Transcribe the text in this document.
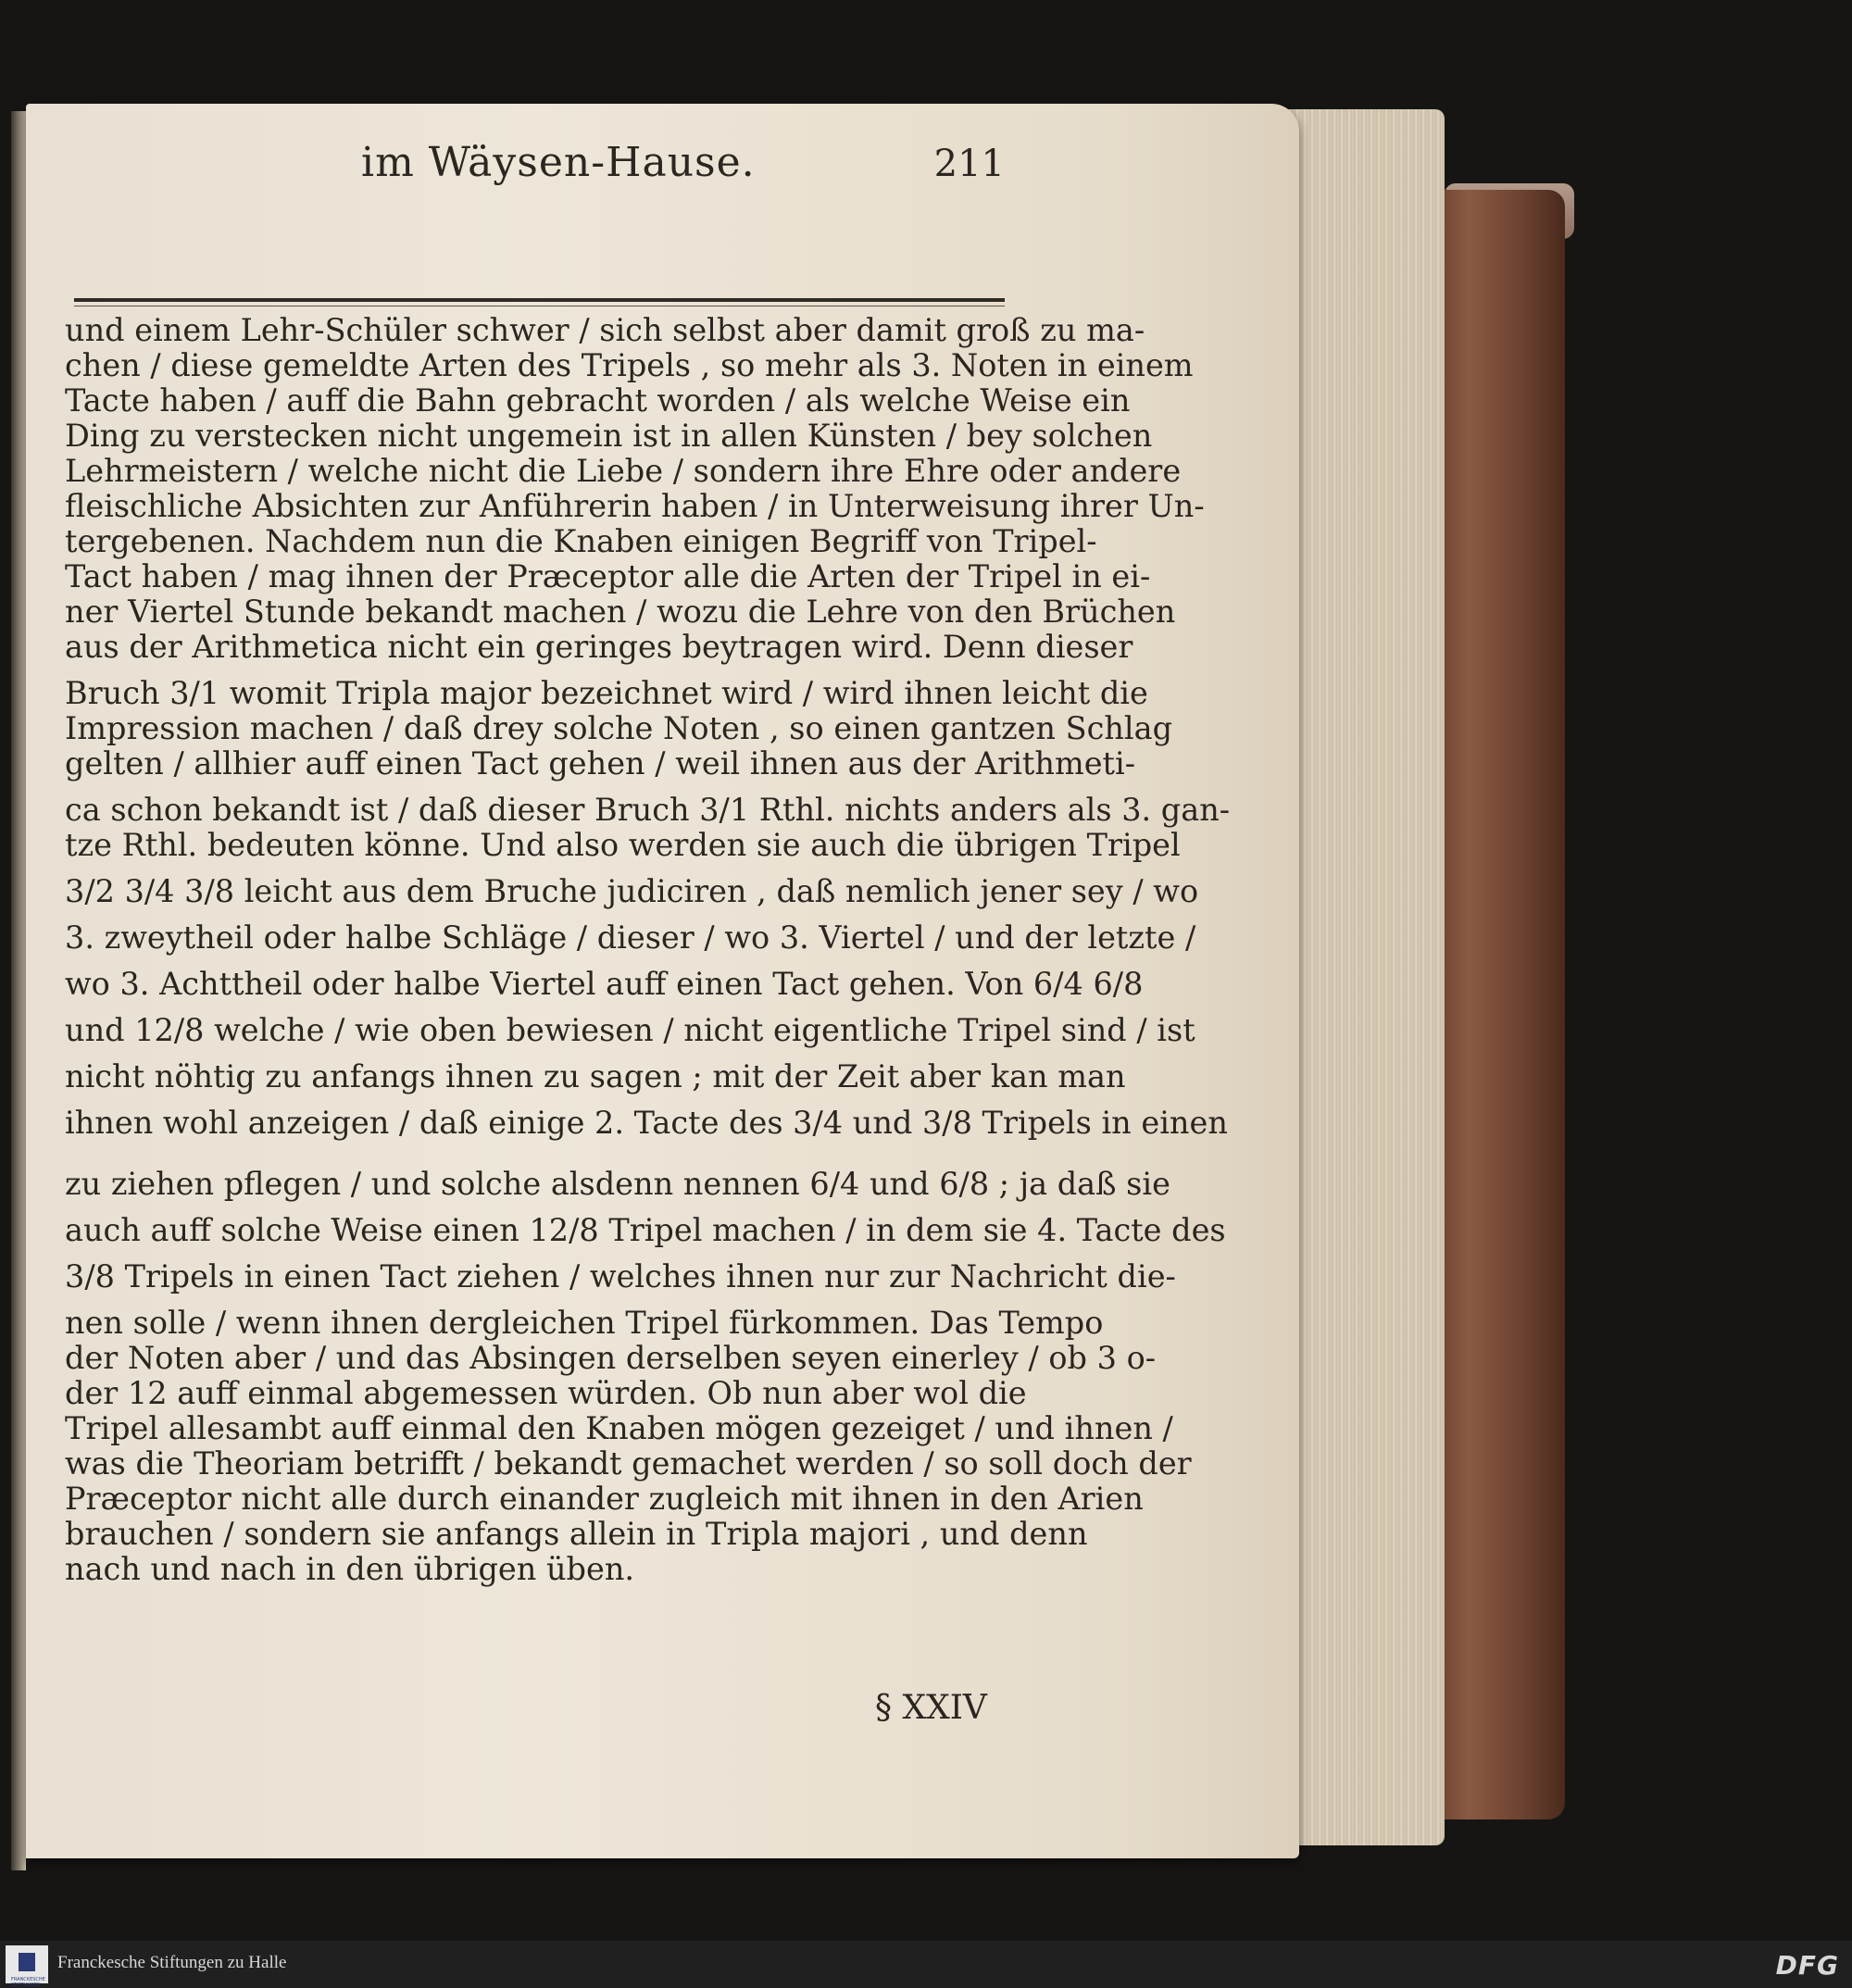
im Wäysen-Hause.	211
und einem Lehr-Schüler schwer / sich selbst aber damit groß zu ma-
chen / diese gemeldte Arten des Tripels , so mehr als 3. Noten in einem
Tacte haben / auff die Bahn gebracht worden / als welche Weise ein
Ding zu verstecken nicht ungemein ist in allen Künsten / bey solchen
Lehrmeistern / welche nicht die Liebe / sondern ihre Ehre oder andere
fleischliche Absichten zur Anführerin haben / in Unterweisung ihrer Un-
tergebenen. Nachdem nun die Knaben einigen Begriff von Tripel-
Tact haben / mag ihnen der Præceptor alle die Arten der Tripel in ei-
ner Viertel Stunde bekandt machen / wozu die Lehre von den Brüchen
aus der Arithmetica nicht ein geringes beytragen wird. Denn dieser
Bruch 3/1 womit Tripla major bezeichnet wird / wird ihnen leicht die
Impression machen / daß drey solche Noten , so einen gantzen Schlag
gelten / allhier auff einen Tact gehen / weil ihnen aus der Arithmeti-
ca schon bekandt ist / daß dieser Bruch 3/1 Rthl. nichts anders als 3. gan-
tze Rthl. bedeuten könne. Und also werden sie auch die übrigen Tripel
3/2 3/4 3/8 leicht aus dem Bruche judiciren , daß nemlich jener sey / wo
3. zweytheil oder halbe Schläge / dieser / wo 3. Viertel / und der letzte /
wo 3. Achttheil oder halbe Viertel auff einen Tact gehen. Von 6/4 6/8
und 12/8 welche / wie oben bewiesen / nicht eigentliche Tripel sind / ist
nicht nöhtig zu anfangs ihnen zu sagen ; mit der Zeit aber kan man
ihnen wohl anzeigen / daß einige 2. Tacte des 3/4 und 3/8 Tripels in einen
zu ziehen pflegen / und solche alsdenn nennen 6/4 und 6/8 ; ja daß sie
auch auff solche Weise einen 12/8 Tripel machen / in dem sie 4. Tacte des
3/8 Tripels in einen Tact ziehen / welches ihnen nur zur Nachricht die-
nen solle / wenn ihnen dergleichen Tripel fürkommen. Das Tempo
der Noten aber / und das Absingen derselben seyen einerley / ob 3 o-
der 12 auff einmal abgemessen würden. Ob nun aber wol die
Tripel allesambt auff einmal den Knaben mögen gezeiget / und ihnen /
was die Theoriam betrifft / bekandt gemachet werden / so soll doch der
Præceptor nicht alle durch einander zugleich mit ihnen in den Arien
brauchen / sondern sie anfangs allein in Tripla majori , und denn
nach und nach in den übrigen üben.
§ XXIV
FRANCKESCHE STIFTUNGEN
Franckesche Stiftungen zu Halle	DFG
